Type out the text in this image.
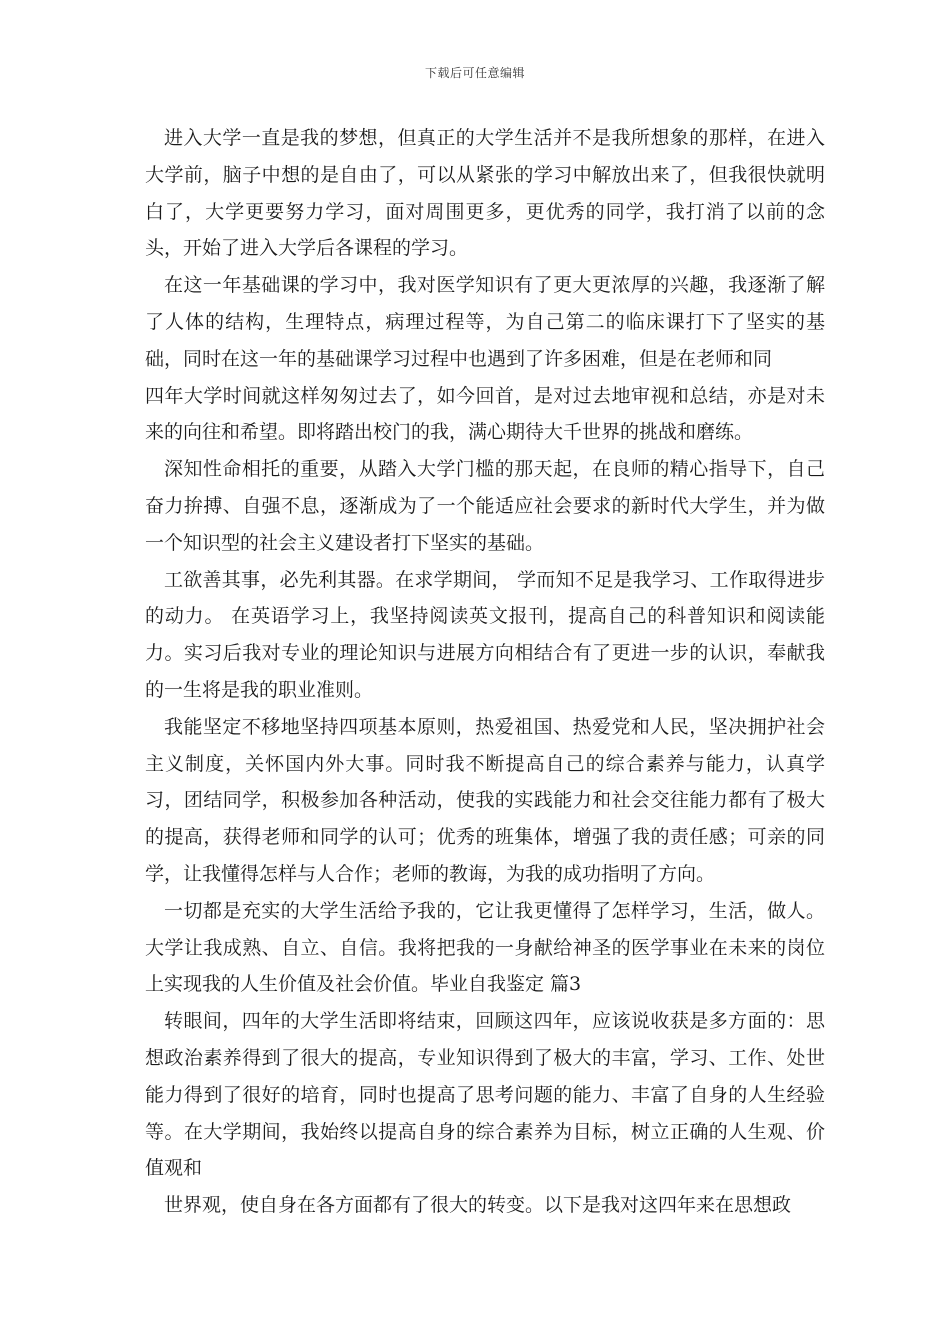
下载后可任意编辑

进入大学一直是我的梦想，但真正的大学生活并不是我所想象的那样，在进入大学前，脑子中想的是自由了，可以从紧张的学习中解放出来了，但我很快就明白了，大学更要努力学习，面对周围更多，更优秀的同学，我打消了以前的念头，开始了进入大学后各课程的学习。

在这一年基础课的学习中，我对医学知识有了更大更浓厚的兴趣，我逐渐了解了人体的结构，生理特点，病理过程等，为自己第二的临床课打下了坚实的基础，同时在这一年的基础课学习过程中也遇到了许多困难，但是在老师和同

四年大学时间就这样匆匆过去了，如今回首，是对过去地审视和总结，亦是对未来的向往和希望。即将踏出校门的我，满心期待大千世界的挑战和磨练。

深知性命相托的重要，从踏入大学门槛的那天起，在良师的精心指导下，自己奋力拚搏、自强不息，逐渐成为了一个能适应社会要求的新时代大学生，并为做一个知识型的社会主义建设者打下坚实的基础。

工欲善其事，必先利其器。在求学期间， 学而知不足是我学习、工作取得进步的动力。 在英语学习上，我坚持阅读英文报刊，提高自己的科普知识和阅读能力。实习后我对专业的理论知识与进展方向相结合有了更进一步的认识，奉献我的一生将是我的职业准则。

我能坚定不移地坚持四项基本原则，热爱祖国、热爱党和人民，坚决拥护社会主义制度，关怀国内外大事。同时我不断提高自己的综合素养与能力，认真学习，团结同学，积极参加各种活动，使我的实践能力和社会交往能力都有了极大的提高，获得老师和同学的认可；优秀的班集体，增强了我的责任感；可亲的同学，让我懂得怎样与人合作；老师的教诲，为我的成功指明了方向。

一切都是充实的大学生活给予我的，它让我更懂得了怎样学习，生活，做人。大学让我成熟、自立、自信。我将把我的一身献给神圣的医学事业在未来的岗位上实现我的人生价值及社会价值。毕业自我鉴定 篇3

转眼间，四年的大学生活即将结束，回顾这四年，应该说收获是多方面的：思想政治素养得到了很大的提高，专业知识得到了极大的丰富，学习、工作、处世能力得到了很好的培育，同时也提高了思考问题的能力、丰富了自身的人生经验等。在大学期间，我始终以提高自身的综合素养为目标，树立正确的人生观、价值观和

世界观，使自身在各方面都有了很大的转变。以下是我对这四年来在思想政
